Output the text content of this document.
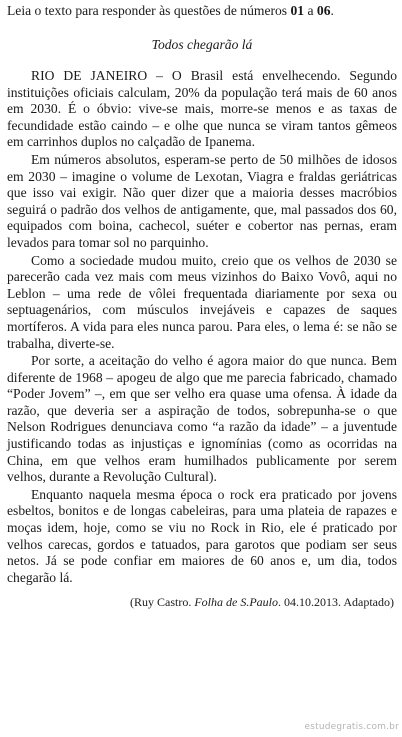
Leia o texto para responder às questões de números 01 a 06.

Todos chegarão lá

RIO DE JANEIRO – O Brasil está envelhecendo. Segundo instituições oficiais calculam, 20% da população terá mais de 60 anos em 2030. É o óbvio: vive-se mais, morre-se menos e as taxas de fecundidade estão caindo – e olhe que nunca se viram tantos gêmeos em carrinhos duplos no calçadão de Ipanema.

Em números absolutos, esperam-se perto de 50 milhões de idosos em 2030 – imagine o volume de Lexotan, Viagra e fraldas geriátricas que isso vai exigir. Não quer dizer que a maioria desses macróbios seguirá o padrão dos velhos de antigamente, que, mal passados dos 60, equipados com boina, cachecol, suéter e cobertor nas pernas, eram levados para tomar sol no parquinho.

Como a sociedade mudou muito, creio que os velhos de 2030 se parecerão cada vez mais com meus vizinhos do Baixo Vovô, aqui no Leblon – uma rede de vôlei frequentada diariamente por sexa ou septuagenários, com músculos invejáveis e capazes de saques mortíferos. A vida para eles nunca parou. Para eles, o lema é: se não se trabalha, diverte-se.

Por sorte, a aceitação do velho é agora maior do que nunca. Bem diferente de 1968 – apogeu de algo que me parecia fabricado, chamado “Poder Jovem” –, em que ser velho era quase uma ofensa. À idade da razão, que deveria ser a aspiração de todos, sobrepunha-se o que Nelson Rodrigues denunciava como “a razão da idade” – a juventude justificando todas as injustiças e ignomínias (como as ocorridas na China, em que velhos eram humilhados publicamente por serem velhos, durante a Revolução Cultural).

Enquanto naquela mesma época o rock era praticado por jovens esbeltos, bonitos e de longas cabeleiras, para uma plateia de rapazes e moças idem, hoje, como se viu no Rock in Rio, ele é praticado por velhos carecas, gordos e tatuados, para garotos que podiam ser seus netos. Já se pode confiar em maiores de 60 anos e, um dia, todos chegarão lá.

(Ruy Castro. Folha de S.Paulo. 04.10.2013. Adaptado)
estudegratis.com.br
